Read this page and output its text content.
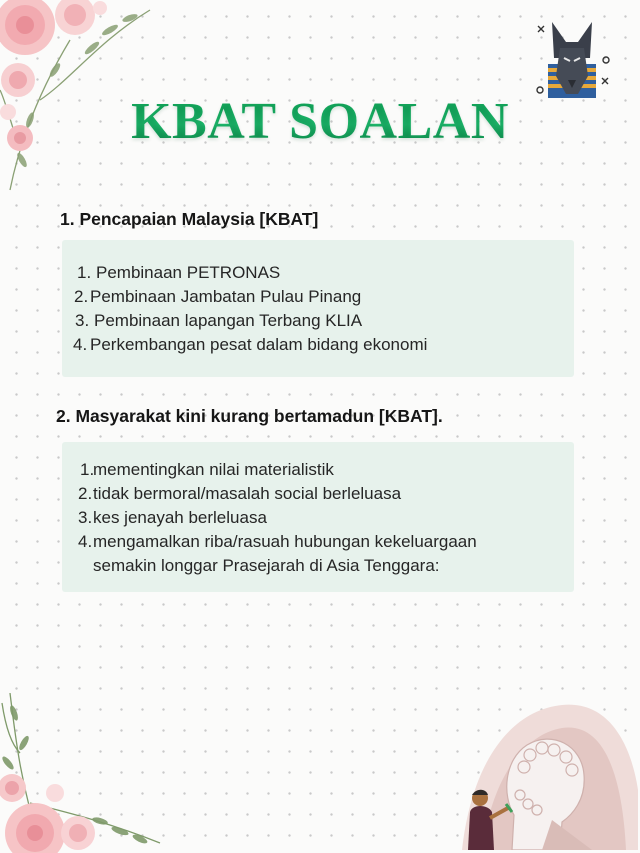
KBAT SOALAN
1. Pencapaian Malaysia [KBAT]
1. Pembinaan PETRONAS
2. Pembinaan Jambatan Pulau Pinang
3. Pembinaan lapangan Terbang KLIA
4. Perkembangan pesat dalam bidang ekonomi
2. Masyarakat kini kurang bertamadun [KBAT].
1.mementingkan nilai materialistik
2.tidak bermoral/masalah social berleluasa
3.kes jenayah berleluasa
4.mengamalkan riba/rasuah hubungan kekeluargaan
semakin longgar Prasejarah di Asia Tenggara:
